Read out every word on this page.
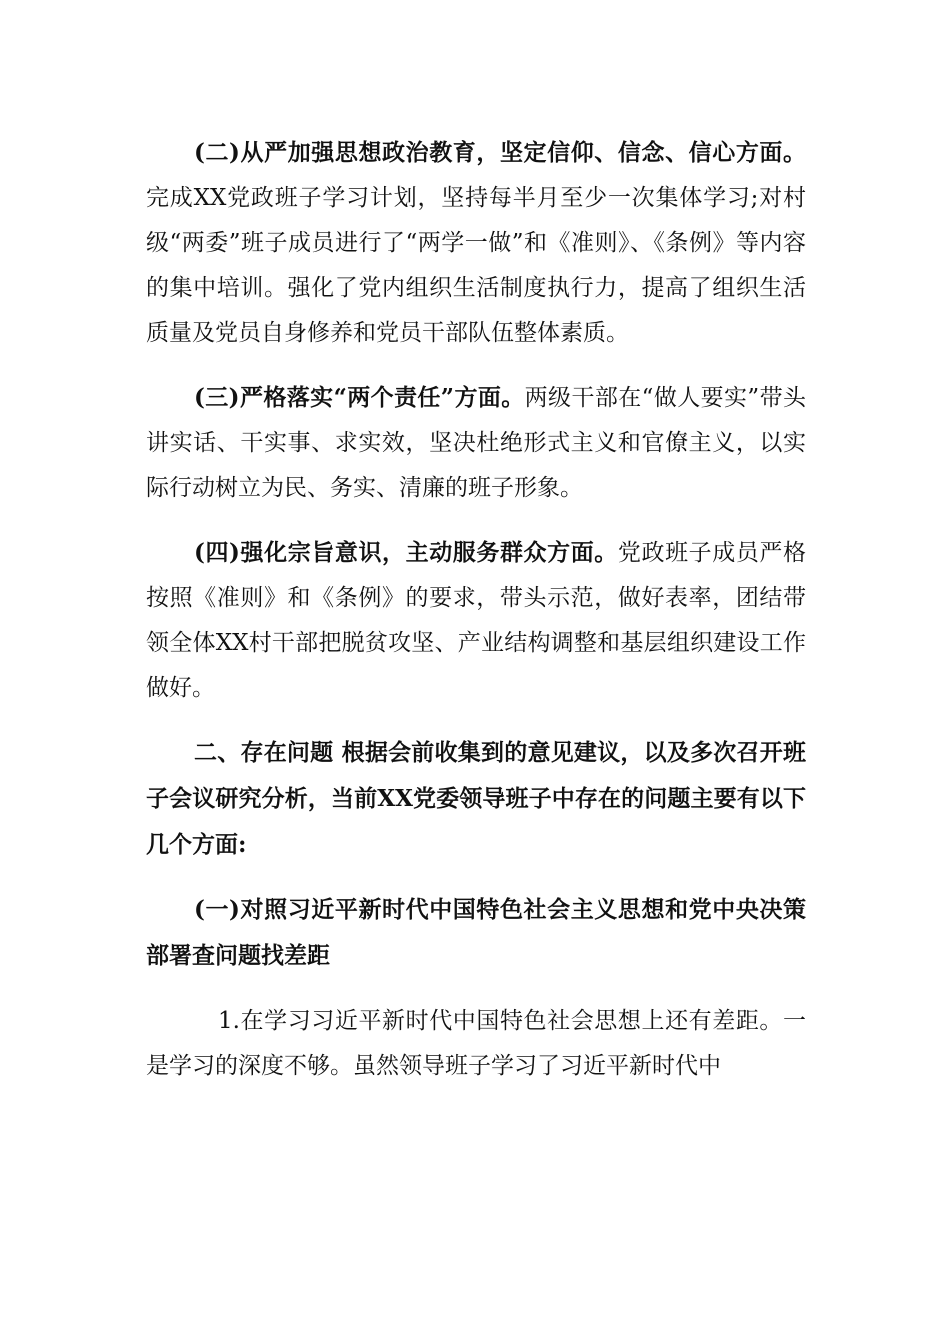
(二)从严加强思想政治教育，坚定信仰、信念、信心方面。完成XX党政班子学习计划，坚持每半月至少一次集体学习;对村级“两委”班子成员进行了“两学一做”和《准则》、《条例》等内容的集中培训。强化了党内组织生活制度执行力，提高了组织生活质量及党员自身修养和党员干部队伍整体素质。

(三)严格落实“两个责任”方面。两级干部在“做人要实”带头讲实话、干实事、求实效，坚决杜绝形式主义和官僚主义，以实际行动树立为民、务实、清廉的班子形象。

(四)强化宗旨意识，主动服务群众方面。党政班子成员严格按照《准则》和《条例》的要求，带头示范，做好表率，团结带领全体XX村干部把脱贫攻坚、产业结构调整和基层组织建设工作做好。

二、存在问题 根据会前收集到的意见建议，以及多次召开班子会议研究分析，当前XX党委领导班子中存在的问题主要有以下几个方面:

(一)对照习近平新时代中国特色社会主义思想和党中央决策部署查问题找差距

1.在学习习近平新时代中国特色社会思想上还有差距。一是学习的深度不够。虽然领导班子学习了习近平新时代中
